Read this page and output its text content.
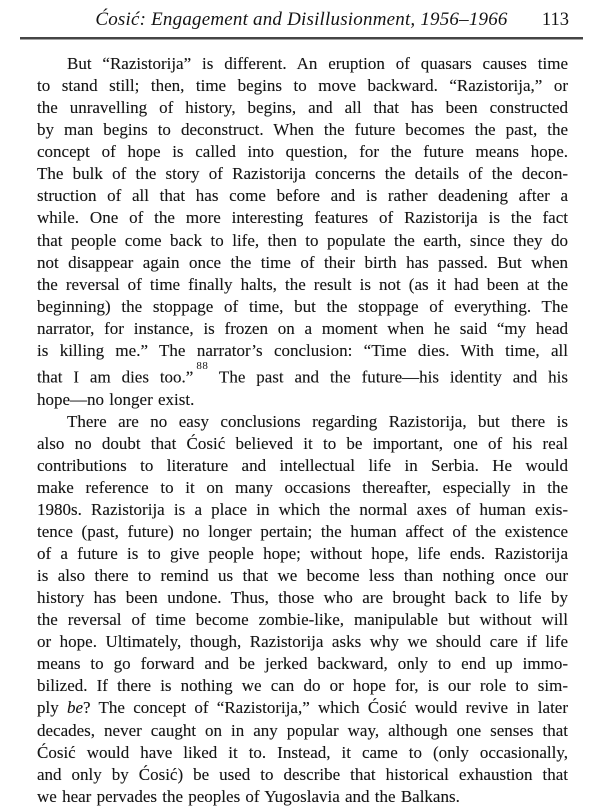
Ćosić: Engagement and Disillusionment, 1956–1966	113
But “Razistorija” is different. An eruption of quasars causes time
to stand still; then, time begins to move backward. “Razistorija,” or
the unravelling of history, begins, and all that has been constructed
by man begins to deconstruct. When the future becomes the past, the
concept of hope is called into question, for the future means hope.
The bulk of the story of Razistorija concerns the details of the decon-
struction of all that has come before and is rather deadening after a
while. One of the more interesting features of Razistorija is the fact
that people come back to life, then to populate the earth, since they do
not disappear again once the time of their birth has passed. But when
the reversal of time finally halts, the result is not (as it had been at the
beginning) the stoppage of time, but the stoppage of everything. The
narrator, for instance, is frozen on a moment when he said “my head
is killing me.” The narrator’s conclusion: “Time dies. With time, all
that I am dies too.”$^{88}$ The past and the future—his identity and his
hope—no longer exist.
There are no easy conclusions regarding Razistorija, but there is
also no doubt that Ćosić believed it to be important, one of his real
contributions to literature and intellectual life in Serbia. He would
make reference to it on many occasions thereafter, especially in the
1980s. Razistorija is a place in which the normal axes of human exis-
tence (past, future) no longer pertain; the human affect of the existence
of a future is to give people hope; without hope, life ends. Razistorija
is also there to remind us that we become less than nothing once our
history has been undone. Thus, those who are brought back to life by
the reversal of time become zombie-like, manipulable but without will
or hope. Ultimately, though, Razistorija asks why we should care if life
means to go forward and be jerked backward, only to end up immo-
bilized. If there is nothing we can do or hope for, is our role to sim-
ply be? The concept of “Razistorija,” which Ćosić would revive in later
decades, never caught on in any popular way, although one senses that
Ćosić would have liked it to. Instead, it came to (only occasionally,
and only by Ćosić) be used to describe that historical exhaustion that
we hear pervades the peoples of Yugoslavia and the Balkans.
